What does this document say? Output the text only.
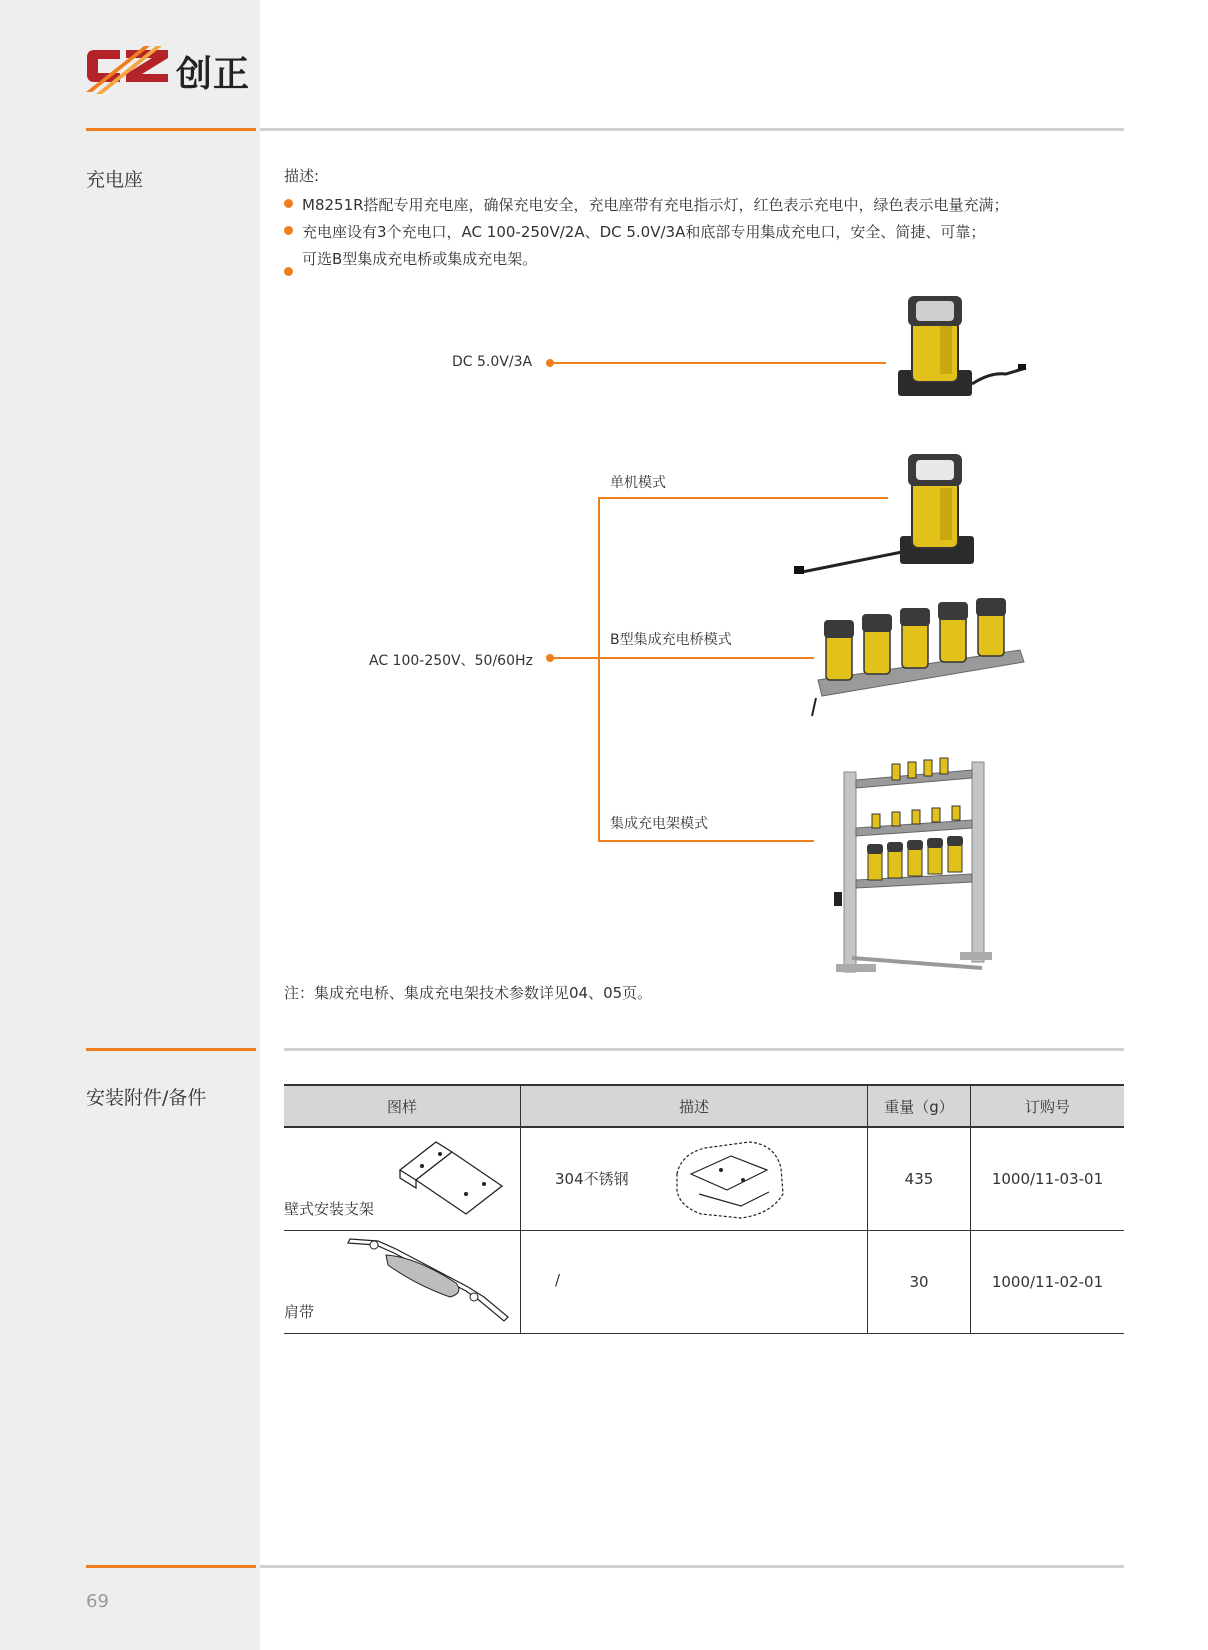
创正
充电座	描述:
M8251R搭配专用充电座，确保充电安全，充电座带有充电指示灯，红色表示充电中，绿色表示电量充满；
充电座设有3个充电口，AC 100-250V/2A、DC 5.0V/3A和底部专用集成充电口，安全、简捷、可靠；
可选B型集成充电桥或集成充电架。
DC 5.0V/3A
AC 100-250V、50/60Hz
单机模式
B型集成充电桥模式
集成充电架模式
注：集成充电桥、集成充电架技术参数详见04、05页。
安装附件/备件	图样	描述	重量（g）	订购号

壁式安装支架	304不锈钢	435	1000/11-03-01

肩带	/	30	1000/11-02-01
69
